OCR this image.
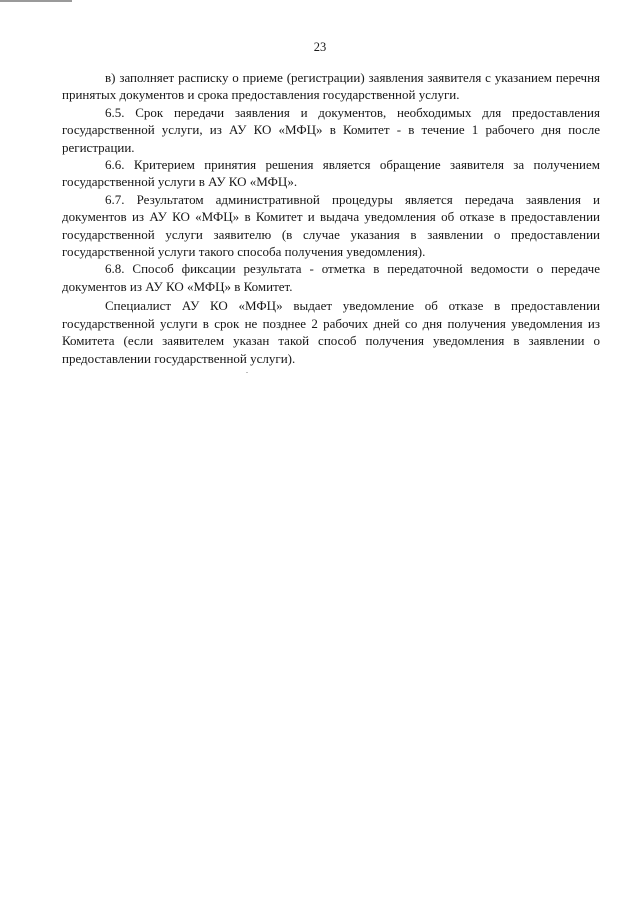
23

в) заполняет расписку о приеме (регистрации) заявления заявителя с указанием перечня принятых документов и срока предоставления государственной услуги.

6.5. Срок передачи заявления и документов, необходимых для предоставления государственной услуги, из АУ КО «МФЦ» в Комитет - в течение 1 рабочего дня после регистрации.

6.6. Критерием принятия решения является обращение заявителя за получением государственной услуги в АУ КО «МФЦ».

6.7. Результатом административной процедуры является передача заявления и документов из АУ КО «МФЦ» в Комитет и выдача уведомления об отказе в предоставлении государственной услуги заявителю (в случае указания в заявлении о предоставлении государственной услуги такого способа получения уведомления).

6.8. Способ фиксации результата - отметка в передаточной ведомости о передаче документов из АУ КО «МФЦ» в Комитет.

Специалист АУ КО «МФЦ» выдает уведомление об отказе в предоставлении государственной услуги в срок не позднее 2 рабочих дней со дня получения уведомления из Комитета (если заявителем указан такой способ получения уведомления в заявлении о предоставлении государственной услуги).
